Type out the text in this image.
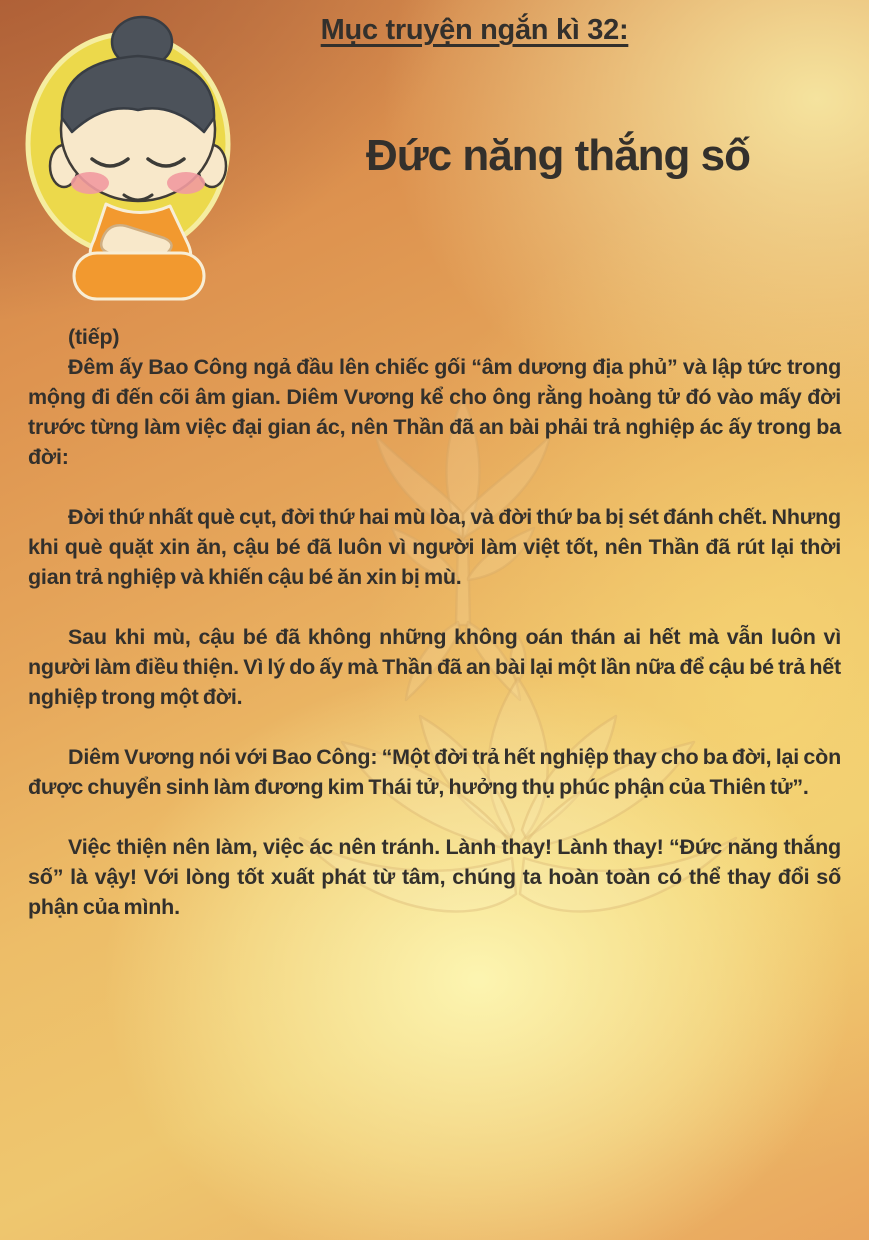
Mục truyện ngắn kì 32:
Đức năng thắng số

(tiếp)

Đêm ấy Bao Công ngả đầu lên chiếc gối “âm dương địa phủ” và lập tức trong mộng đi đến cõi âm gian. Diêm Vương kể cho ông rằng hoàng tử đó vào mấy đời trước từng làm việc đại gian ác, nên Thần đã an bài phải trả nghiệp ác ấy trong ba đời:

Đời thứ nhất què cụt, đời thứ hai mù lòa, và đời thứ ba bị sét đánh chết. Nhưng khi què quặt xin ăn, cậu bé đã luôn vì người làm việt tốt, nên Thần đã rút lại thời gian trả nghiệp và khiến cậu bé ăn xin bị mù.

Sau khi mù, cậu bé đã không những không oán thán ai hết mà vẫn luôn vì người làm điều thiện. Vì lý do ấy mà Thần đã an bài lại một lần nữa để cậu bé trả hết nghiệp trong một đời.

Diêm Vương nói với Bao Công: “Một đời trả hết nghiệp thay cho ba đời, lại còn được chuyển sinh làm đương kim Thái tử, hưởng thụ phúc phận của Thiên tử”.

Việc thiện nên làm, việc ác nên tránh. Lành thay! Lành thay! “Đức năng thắng số” là vậy! Với lòng tốt xuất phát từ tâm, chúng ta hoàn toàn có thể thay đổi số phận của mình.
